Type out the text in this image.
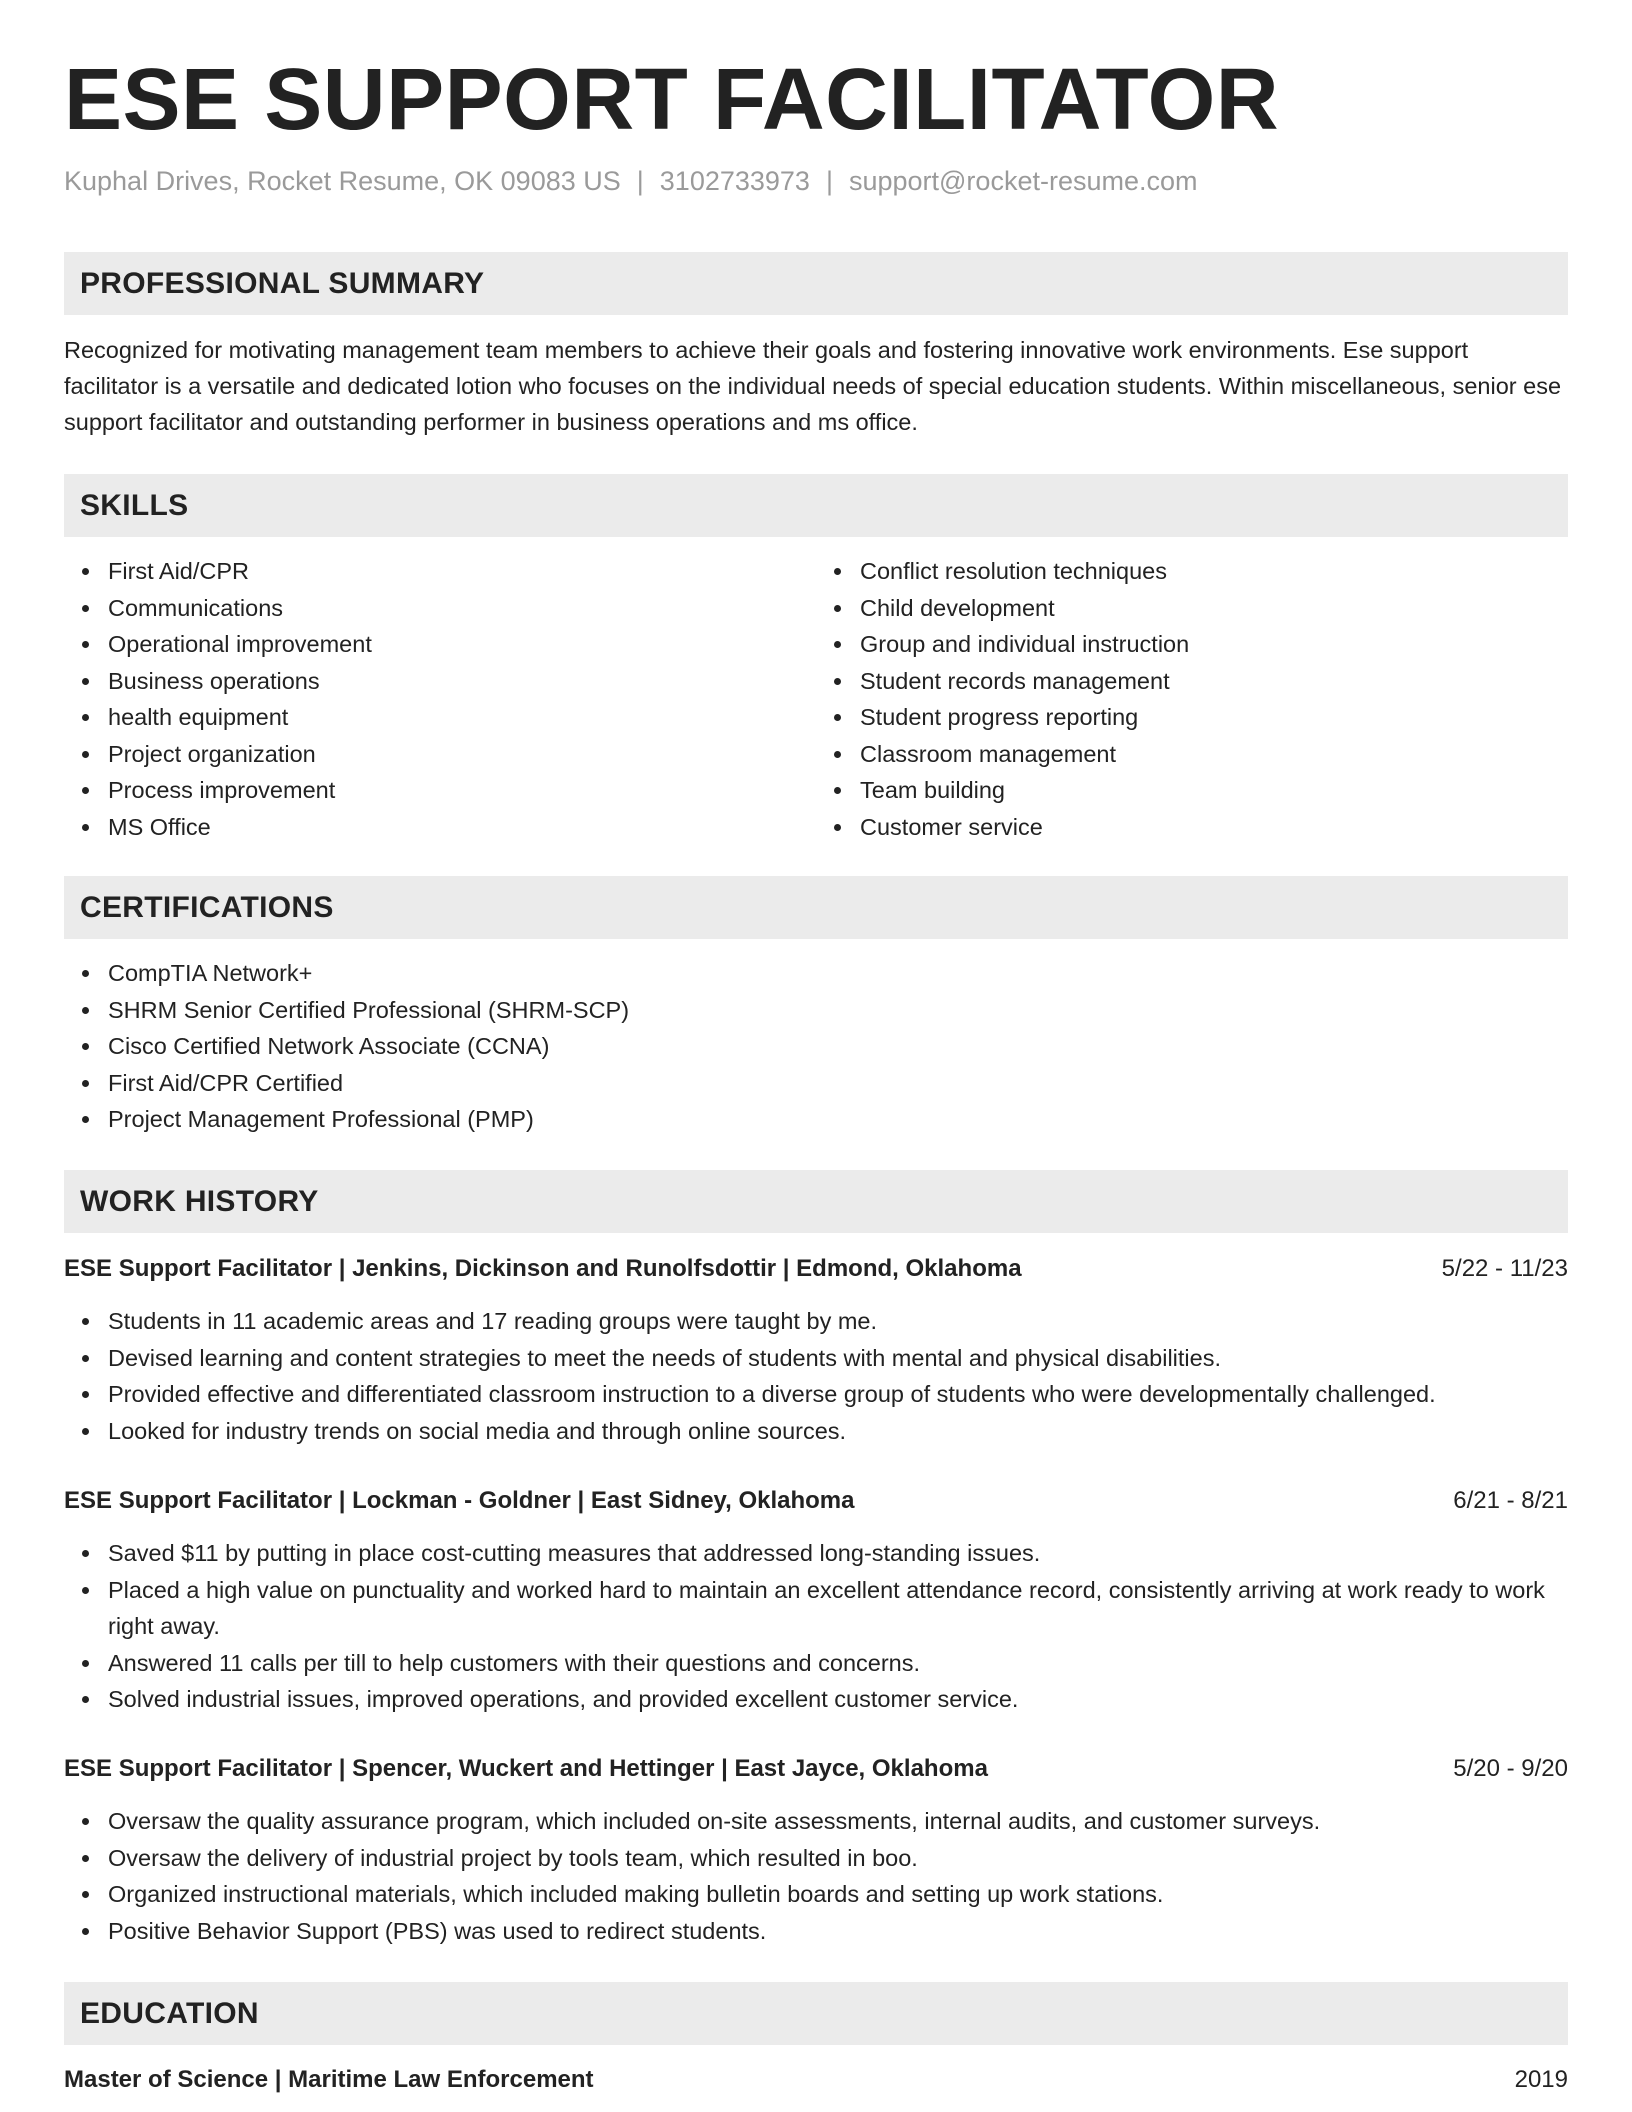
ESE SUPPORT FACILITATOR
Kuphal Drives, Rocket Resume, OK 09083 US | 3102733973 | support@rocket-resume.com
PROFESSIONAL SUMMARY
Recognized for motivating management team members to achieve their goals and fostering innovative work environments. Ese support facilitator is a versatile and dedicated lotion who focuses on the individual needs of special education students. Within miscellaneous, senior ese support facilitator and outstanding performer in business operations and ms office.
SKILLS
First Aid/CPR
Communications
Operational improvement
Business operations
health equipment
Project organization
Process improvement
MS Office
Conflict resolution techniques
Child development
Group and individual instruction
Student records management
Student progress reporting
Classroom management
Team building
Customer service
CERTIFICATIONS
CompTIA Network+
SHRM Senior Certified Professional (SHRM-SCP)
Cisco Certified Network Associate (CCNA)
First Aid/CPR Certified
Project Management Professional (PMP)
WORK HISTORY
ESE Support Facilitator | Jenkins, Dickinson and Runolfsdottir | Edmond, Oklahoma	5/22 - 11/23
Students in 11 academic areas and 17 reading groups were taught by me.
Devised learning and content strategies to meet the needs of students with mental and physical disabilities.
Provided effective and differentiated classroom instruction to a diverse group of students who were developmentally challenged.
Looked for industry trends on social media and through online sources.
ESE Support Facilitator | Lockman - Goldner | East Sidney, Oklahoma	6/21 - 8/21
Saved $11 by putting in place cost-cutting measures that addressed long-standing issues.
Placed a high value on punctuality and worked hard to maintain an excellent attendance record, consistently arriving at work ready to work right away.
Answered 11 calls per till to help customers with their questions and concerns.
Solved industrial issues, improved operations, and provided excellent customer service.
ESE Support Facilitator | Spencer, Wuckert and Hettinger | East Jayce, Oklahoma	5/20 - 9/20
Oversaw the quality assurance program, which included on-site assessments, internal audits, and customer surveys.
Oversaw the delivery of industrial project by tools team, which resulted in boo.
Organized instructional materials, which included making bulletin boards and setting up work stations.
Positive Behavior Support (PBS) was used to redirect students.
EDUCATION
Master of Science | Maritime Law Enforcement	2019
